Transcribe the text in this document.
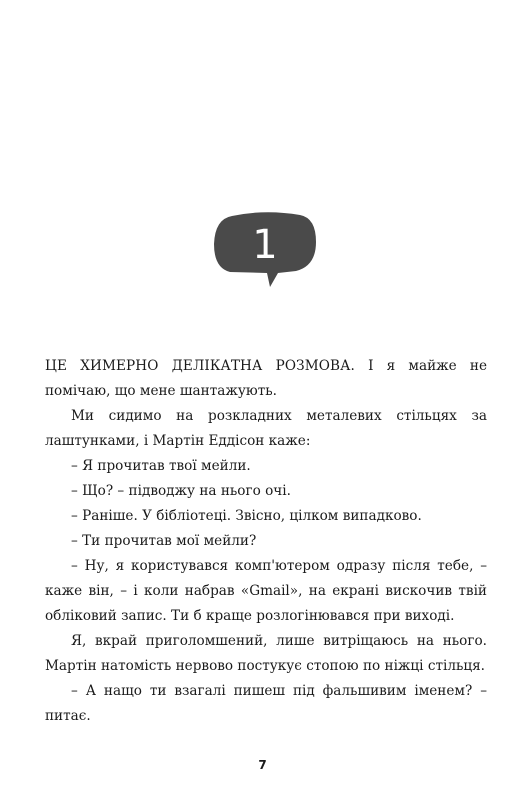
1

ЦЕ ХИМЕРНО ДЕЛІКАТНА РОЗМОВА. І я майже не помічаю, що мене шантажують.

Ми сидимо на розкладних металевих стільцях за лаштунками, і Мартін Еддісон каже:

– Я прочитав твої мейли.

– Що? – підводжу на нього очі.

– Раніше. У бібліотеці. Звісно, цілком випадково.

– Ти прочитав мої мейли?

– Ну, я користувався комп'ютером одразу після тебе, – каже він, – і коли набрав «Gmail», на екрані вискочив твій обліковий запис. Ти б краще розлогінювався при виході.

Я, вкрай приголомшений, лише витріщаюсь на нього. Мартін натомість нервово постукує стопою по ніжці стільця.

– А нащо ти взагалі пишеш під фальшивим іменем? – питає.

7
